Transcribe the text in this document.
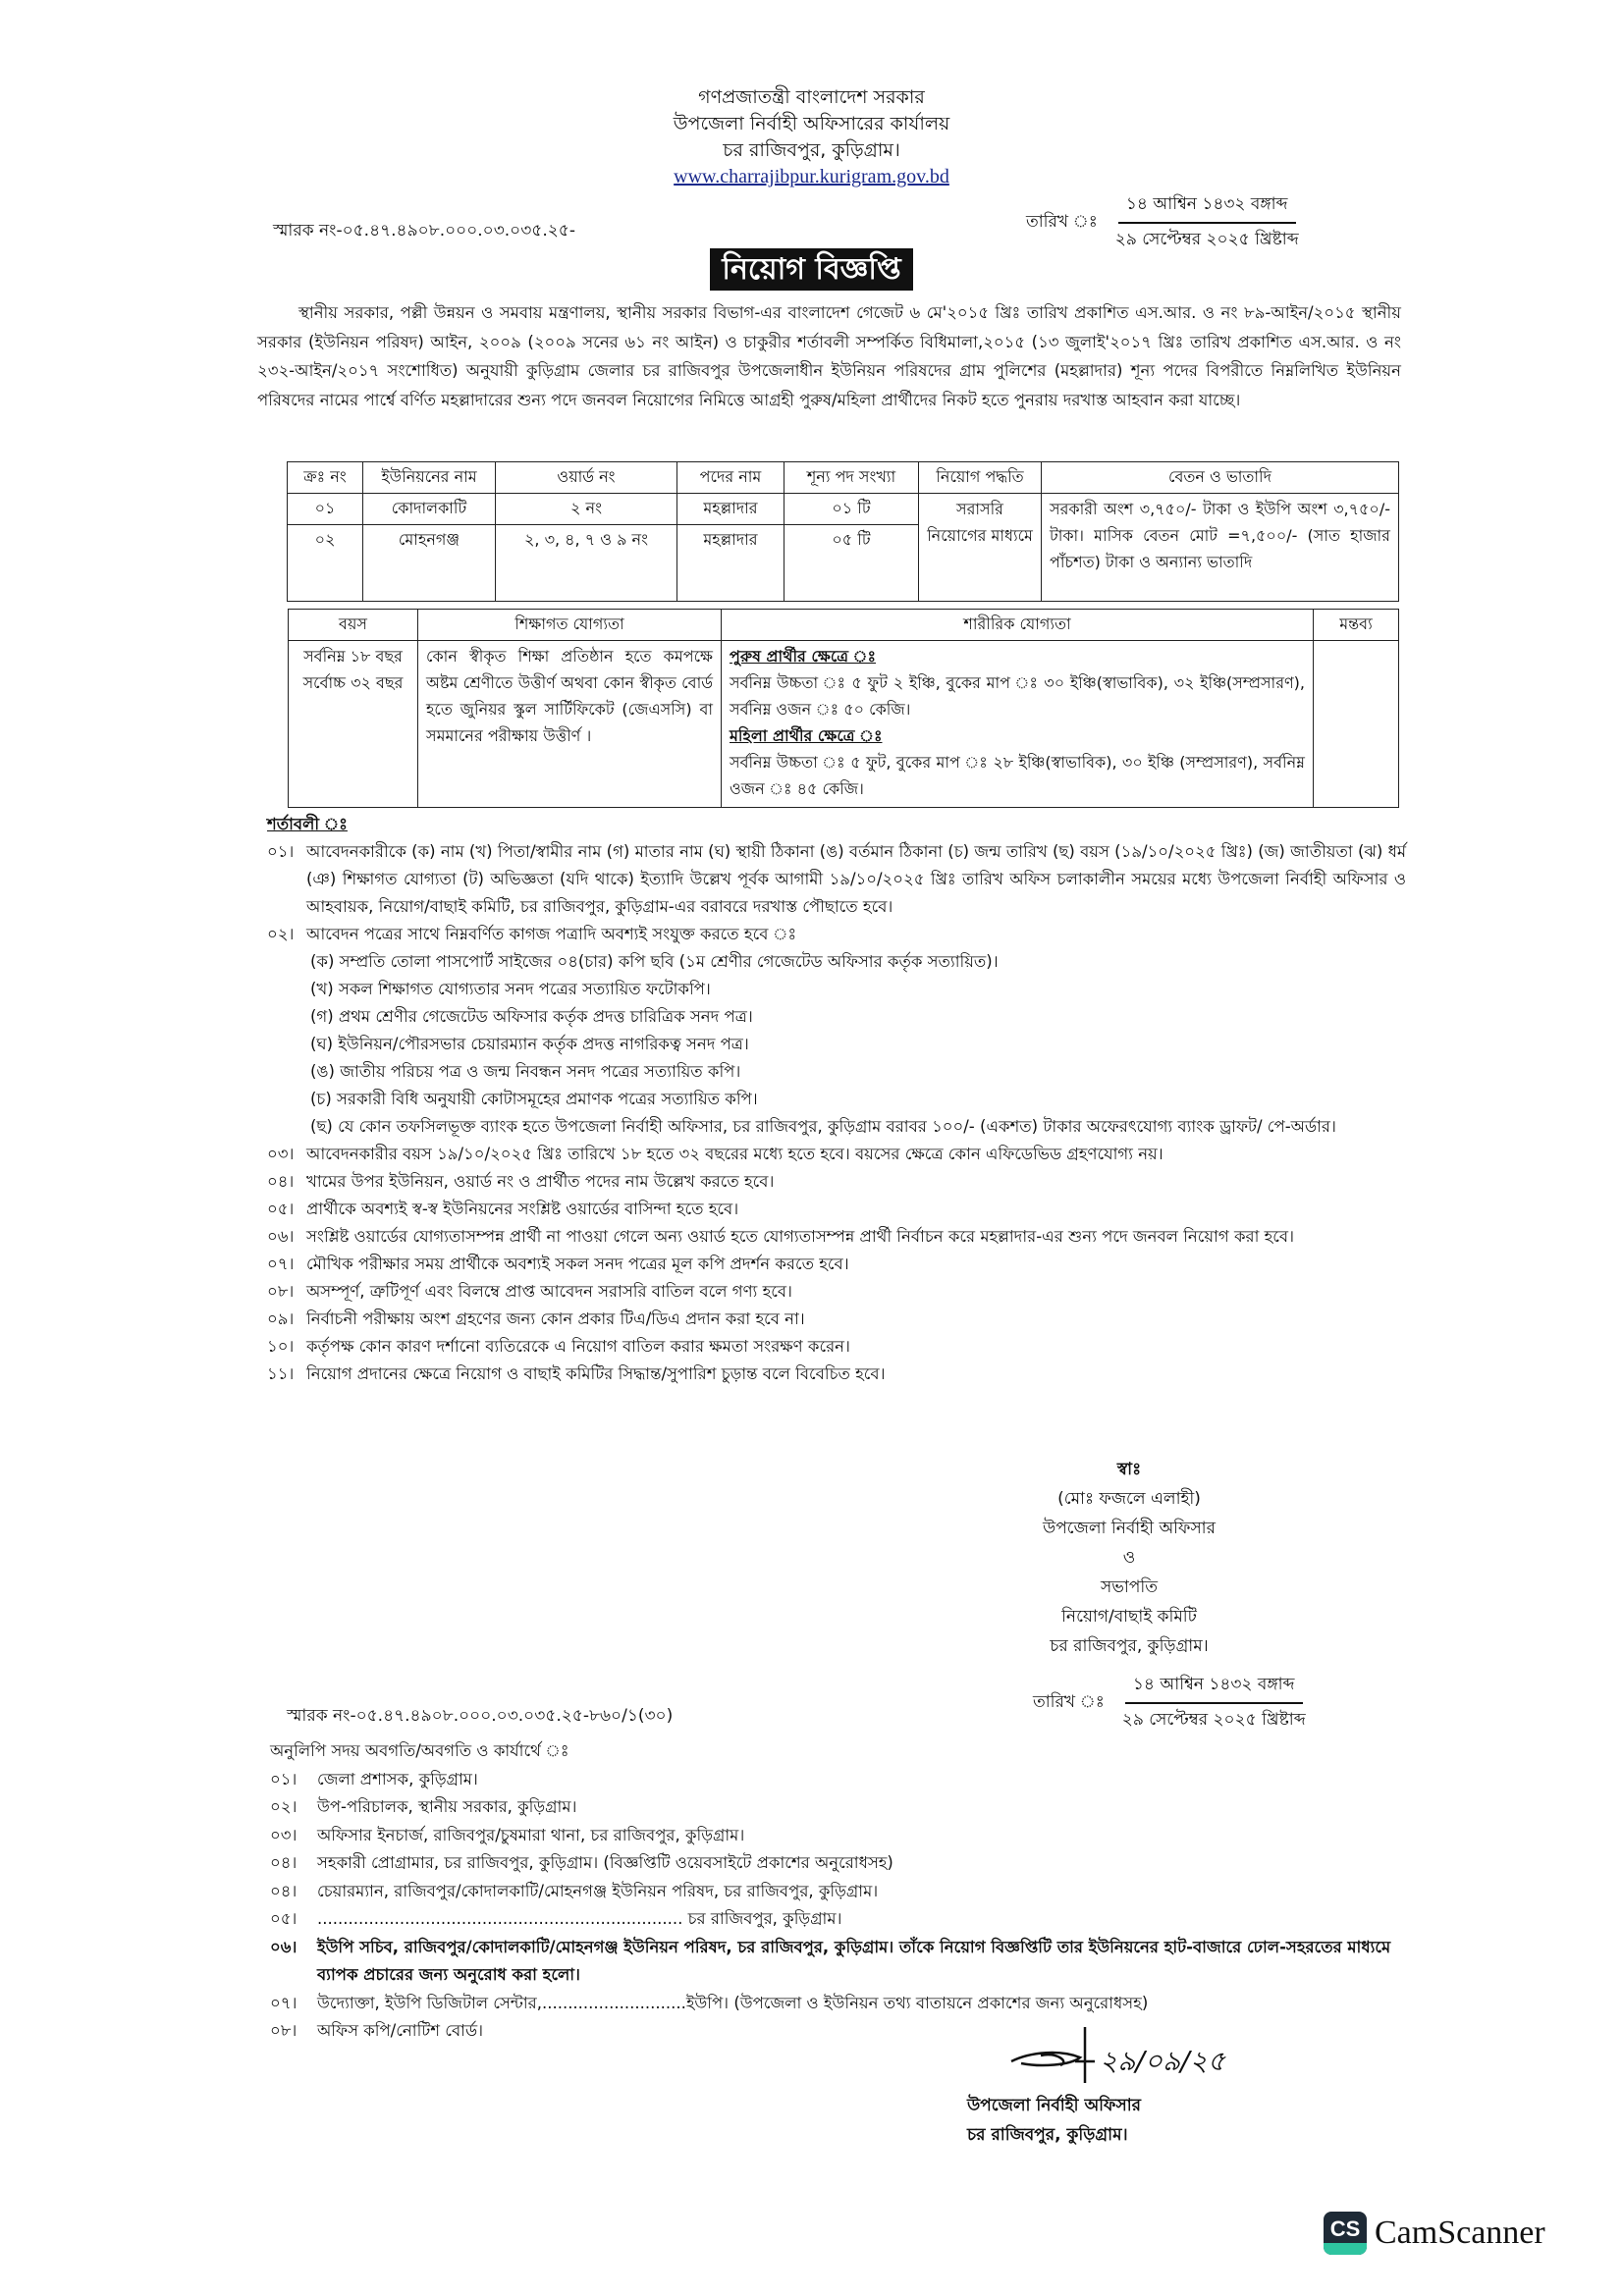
গণপ্রজাতন্ত্রী বাংলাদেশ সরকার
উপজেলা নির্বাহী অফিসারের কার্যালয়
চর রাজিবপুর, কুড়িগ্রাম।
www.charrajibpur.kurigram.gov.bd
স্মারক নং-০৫.৪৭.৪৯০৮.০০০.০৩.০৩৫.২৫-	তারিখ ঃ $\frac{\text{১৪ আশ্বিন ১৪৩২ বঙ্গাব্দ}}{\text{২৯ সেপ্টেম্বর ২০২৫ খ্রিষ্টাব্দ}}$
নিয়োগ বিজ্ঞপ্তি
স্থানীয় সরকার, পল্লী উন্নয়ন ও সমবায় মন্ত্রণালয়, স্থানীয় সরকার বিভাগ-এর বাংলাদেশ গেজেট ৬ মে'২০১৫ খ্রিঃ তারিখ প্রকাশিত এস.আর. ও নং ৮৯-আইন/২০১৫ স্থানীয় সরকার (ইউনিয়ন পরিষদ) আইন, ২০০৯ (২০০৯ সনের ৬১ নং আইন) ও চাকুরীর শর্তাবলী সম্পর্কিত বিধিমালা,২০১৫ (১৩ জুলাই'২০১৭ খ্রিঃ তারিখ প্রকাশিত এস.আর. ও নং ২৩২-আইন/২০১৭ সংশোধিত) অনুযায়ী কুড়িগ্রাম জেলার চর রাজিবপুর উপজেলাধীন ইউনিয়ন পরিষদের গ্রাম পুলিশের (মহল্লাদার) শূন্য পদের বিপরীতে নিম্নলিখিত ইউনিয়ন পরিষদের নামের পার্শ্বে বর্ণিত মহল্লাদারের শুন্য পদে জনবল নিয়োগের নিমিত্তে আগ্রহী পুরুষ/মহিলা প্রার্থীদের নিকট হতে পুনরায় দরখাস্ত আহবান করা যাচ্ছে।
ক্রঃ নং	ইউনিয়নের নাম	ওয়ার্ড নং	পদের নাম	শূন্য পদ সংখ্যা	নিয়োগ পদ্ধতি	বেতন ও ভাতাদি
০১	কোদালকাটি	২ নং	মহল্লাদার	০১ টি	সরাসরি নিয়োগের মাধ্যমে	সরকারী অংশ ৩,৭৫০/- টাকা ও ইউপি অংশ ৩,৭৫০/- টাকা। মাসিক বেতন মোট =৭,৫০০/- (সাত হাজার পাঁচশত) টাকা ও অন্যান্য ভাতাদি
০২	মোহনগঞ্জ	২, ৩, ৪, ৭ ও ৯ নং	মহল্লাদার	০৫ টি		
বয়স	শিক্ষাগত যোগ্যতা	শারীরিক যোগ্যতা	মন্তব্য
সর্বনিম্ন ১৮ বছর সর্বোচ্চ ৩২ বছর	কোন স্বীকৃত শিক্ষা প্রতিষ্ঠান হতে কমপক্ষে অষ্টম শ্রেণীতে উত্তীর্ণ অথবা কোন স্বীকৃত বোর্ড হতে জুনিয়র স্কুল সার্টিফিকেট (জেএসসি) বা সমমানের পরীক্ষায় উত্তীর্ণ ।	পুরুষ প্রার্থীর ক্ষেত্রে ঃ
সর্বনিম্ন উচ্চতা ঃ ৫ ফুট ২ ইঞ্চি, বুকের মাপ ঃ ৩০ ইঞ্চি(স্বাভাবিক), ৩২ ইঞ্চি(সম্প্রসারণ), সর্বনিম্ন ওজন ঃ ৫০ কেজি।
মহিলা প্রার্থীর ক্ষেত্রে ঃ
সর্বনিম্ন উচ্চতা ঃ ৫ ফুট, বুকের মাপ ঃ ২৮ ইঞ্চি(স্বাভাবিক), ৩০ ইঞ্চি (সম্প্রসারণ), সর্বনিম্ন ওজন ঃ ৪৫ কেজি।	

শর্তাবলী ঃ
০১। আবেদনকারীকে (ক) নাম (খ) পিতা/স্বামীর নাম (গ) মাতার নাম (ঘ) স্থায়ী ঠিকানা (ঙ) বর্তমান ঠিকানা (চ) জন্ম তারিখ (ছ) বয়স (১৯/১০/২০২৫ খ্রিঃ) (জ) জাতীয়তা (ঝ) ধর্ম (ঞ) শিক্ষাগত যোগ্যতা (ট) অভিজ্ঞতা (যদি থাকে) ইত্যাদি উল্লেখ পূর্বক আগামী ১৯/১০/২০২৫ খ্রিঃ তারিখ অফিস চলাকালীন সময়ের মধ্যে উপজেলা নির্বাহী অফিসার ও আহবায়ক, নিয়োগ/বাছাই কমিটি, চর রাজিবপুর, কুড়িগ্রাম-এর বরাবরে দরখাস্ত পৌছাতে হবে।
০২। আবেদন পত্রের সাথে নিম্নবর্ণিত কাগজ পত্রাদি অবশ্যই সংযুক্ত করতে হবে ঃ
(ক) সম্প্রতি তোলা পাসপোর্ট সাইজের ০৪(চার) কপি ছবি (১ম শ্রেণীর গেজেটেড অফিসার কর্তৃক সত্যায়িত)।
(খ) সকল শিক্ষাগত যোগ্যতার সনদ পত্রের সত্যায়িত ফটোকপি।
(গ) প্রথম শ্রেণীর গেজেটেড অফিসার কর্তৃক প্রদত্ত চারিত্রিক সনদ পত্র।
(ঘ) ইউনিয়ন/পৌরসভার চেয়ারম্যান কর্তৃক প্রদত্ত নাগরিকত্ব সনদ পত্র।
(ঙ) জাতীয় পরিচয় পত্র ও জন্ম নিবন্ধন সনদ পত্রের সত্যায়িত কপি।
(চ) সরকারী বিধি অনুযায়ী কোটাসমূহের প্রমাণক পত্রের সত্যায়িত কপি।
(ছ) যে কোন তফসিলভূক্ত ব্যাংক হতে উপজেলা নির্বাহী অফিসার, চর রাজিবপুর, কুড়িগ্রাম বরাবর ১০০/- (একশত) টাকার অফেরৎযোগ্য ব্যাংক ড্রাফট/ পে-অর্ডার।
০৩। আবেদনকারীর বয়স ১৯/১০/২০২৫ খ্রিঃ তারিখে ১৮ হতে ৩২ বছরের মধ্যে হতে হবে। বয়সের ক্ষেত্রে কোন এফিডেভিড গ্রহণযোগ্য নয়।
০৪। খামের উপর ইউনিয়ন, ওয়ার্ড নং ও প্রার্থীত পদের নাম উল্লেখ করতে হবে।
০৫। প্রার্থীকে অবশ্যই স্ব-স্ব ইউনিয়নের সংশ্লিষ্ট ওয়ার্ডের বাসিন্দা হতে হবে।
০৬। সংশ্লিষ্ট ওয়ার্ডের যোগ্যতাসম্পন্ন প্রার্থী না পাওয়া গেলে অন্য ওয়ার্ড হতে যোগ্যতাসম্পন্ন প্রার্থী নির্বাচন করে মহল্লাদার-এর শুন্য পদে জনবল নিয়োগ করা হবে।
০৭। মৌখিক পরীক্ষার সময় প্রার্থীকে অবশ্যই সকল সনদ পত্রের মূল কপি প্রদর্শন করতে হবে।
০৮। অসম্পূর্ণ, ত্রুটিপূর্ণ এবং বিলম্বে প্রাপ্ত আবেদন সরাসরি বাতিল বলে গণ্য হবে।
০৯। নির্বাচনী পরীক্ষায় অংশ গ্রহণের জন্য কোন প্রকার টিএ/ডিএ প্রদান করা হবে না।
১০। কর্তৃপক্ষ কোন কারণ দর্শানো ব্যতিরেকে এ নিয়োগ বাতিল করার ক্ষমতা সংরক্ষণ করেন।
১১। নিয়োগ প্রদানের ক্ষেত্রে নিয়োগ ও বাছাই কমিটির সিদ্ধান্ত/সুপারিশ চুড়ান্ত বলে বিবেচিত হবে।
স্বাঃ
(মোঃ ফজলে এলাহী)
উপজেলা নির্বাহী অফিসার
ও
সভাপতি
নিয়োগ/বাছাই কমিটি
চর রাজিবপুর, কুড়িগ্রাম।
স্মারক নং-০৫.৪৭.৪৯০৮.০০০.০৩.০৩৫.২৫-৮৬০/১(৩০)
তারিখ ঃ $\frac{\text{১৪ আশ্বিন ১৪৩২ বঙ্গাব্দ}}{\text{২৯ সেপ্টেম্বর ২০২৫ খ্রিষ্টাব্দ}}$
অনুলিপি সদয় অবগতি/অবগতি ও কার্যার্থে ঃ
০১।	জেলা প্রশাসক, কুড়িগ্রাম।
০২।	উপ-পরিচালক, স্থানীয় সরকার, কুড়িগ্রাম।
০৩।	অফিসার ইনচার্জ, রাজিবপুর/চুষমারা থানা, চর রাজিবপুর, কুড়িগ্রাম।
০৪।	সহকারী প্রোগ্রামার, চর রাজিবপুর, কুড়িগ্রাম। (বিজ্ঞপ্তিটি ওয়েবসাইটে প্রকাশের অনুরোধসহ)
০৪।	চেয়ারম্যান, রাজিবপুর/কোদালকাটি/মোহনগঞ্জ ইউনিয়ন পরিষদ, চর রাজিবপুর, কুড়িগ্রাম।
০৫।	....................................................................... চর রাজিবপুর, কুড়িগ্রাম।
০৬।	ইউপি সচিব, রাজিবপুর/কোদালকাটি/মোহনগঞ্জ ইউনিয়ন পরিষদ, চর রাজিবপুর, কুড়িগ্রাম। তাঁকে নিয়োগ বিজ্ঞপ্তিটি তার ইউনিয়নের হাট-বাজারে ঢোল-সহরতের মাধ্যমে ব্যাপক প্রচারের জন্য অনুরোধ করা হলো।
০৭।	উদ্যোক্তা, ইউপি ডিজিটাল সেন্টার,............................ইউপি। (উপজেলা ও ইউনিয়ন তথ্য বাতায়নে প্রকাশের জন্য অনুরোধসহ)
০৮।	অফিস কপি/নোটিশ বোর্ড।
২৯/০৯/২৫
উপজেলা নির্বাহী অফিসার
চর রাজিবপুর, কুড়িগ্রাম।
CS CamScanner
